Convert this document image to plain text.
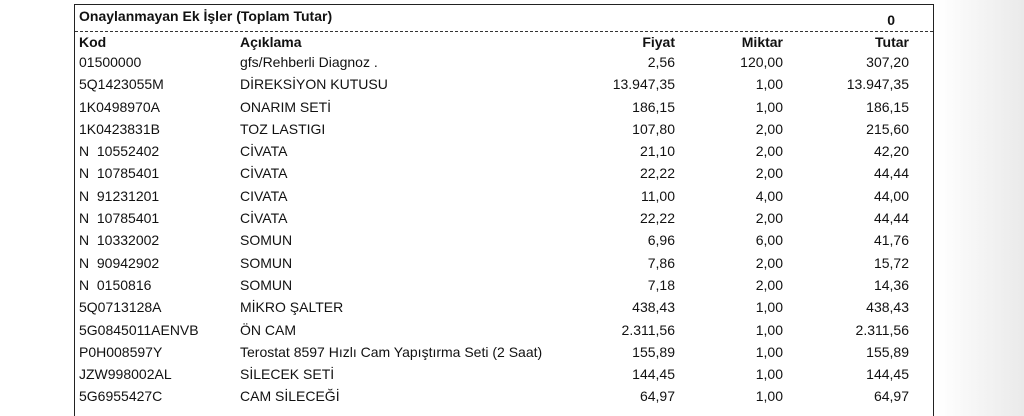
Onaylanmayan Ek İşler (Toplam Tutar)	0
Kod	Açıklama	Fiyat	Miktar	Tutar
01500000	gfs/Rehberli Diagnoz .	2,56	120,00	307,20
5Q1423055M	DİREKSİYON KUTUSU	13.947,35	1,00	13.947,35
1K0498970A	ONARIM SETİ	186,15	1,00	186,15
1K0423831B	TOZ LASTIGI	107,80	2,00	215,60
N  10552402	CİVATA	21,10	2,00	42,20
N  10785401	CİVATA	22,22	2,00	44,44
N  91231201	CIVATA	11,00	4,00	44,00
N  10785401	CİVATA	22,22	2,00	44,44
N  10332002	SOMUN	6,96	6,00	41,76
N  90942902	SOMUN	7,86	2,00	15,72
N  0150816	SOMUN	7,18	2,00	14,36
5Q0713128A	MİKRO ŞALTER	438,43	1,00	438,43
5G0845011AENVB	ÖN CAM	2.311,56	1,00	2.311,56
P0H008597Y	Terostat 8597 Hızlı Cam Yapıştırma Seti (2 Saat)	155,89	1,00	155,89
JZW998002AL	SİLECEK SETİ	144,45	1,00	144,45
5G6955427C	CAM SİLECEĞİ	64,97	1,00	64,97
